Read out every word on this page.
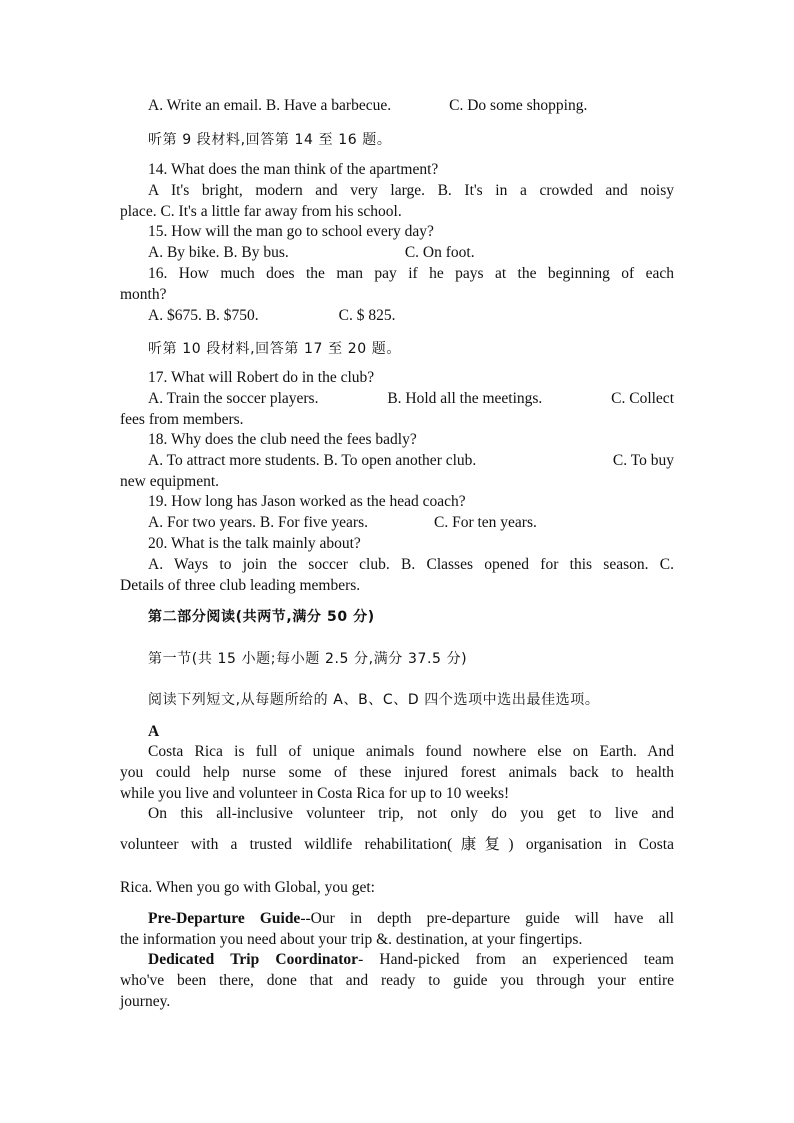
A. Write an email. B. Have a barbecue.	C. Do some shopping.
听第 9 段材料,回答第 14 至 16 题。
14. What does the man think of the apartment?
A It's bright, modern and very large. B. It's in a crowded and noisy
place. C. It's a little far away from his school.
15. How will the man go to school every day?
A. By bike. B. By bus.	C. On foot.
16. How much does the man pay if he pays at the beginning of each
month?
A. $675. B. $750.	C. $ 825.
听第 10 段材料,回答第 17 至 20 题。
17. What will Robert do in the club?
A. Train the soccer players.	B. Hold all the meetings.	C. Collect
fees from members.
18. Why does the club need the fees badly?
A. To attract more students. B. To open another club.	C. To buy
new equipment.
19. How long has Jason worked as the head coach?
A. For two years. B. For five years.	C. For ten years.
20. What is the talk mainly about?
A. Ways to join the soccer club. B. Classes opened for this season. C.
Details of three club leading members.
第二部分阅读(共两节,满分 50 分)
第一节(共 15 小题;每小题 2.5 分,满分 37.5 分)
阅读下列短文,从每题所给的 A、B、C、D 四个选项中选出最佳选项。
A
Costa Rica is full of unique animals found nowhere else on Earth. And
you could help nurse some of these injured forest animals back to health
while you live and volunteer in Costa Rica for up to 10 weeks!
On this all-inclusive volunteer trip, not only do you get to live and
volunteer with a trusted wildlife rehabilitation(康复) organisation in Costa
Rica. When you go with Global, you get:
Pre-Departure Guide--Our in depth pre-departure guide will have all
the information you need about your trip &. destination, at your fingertips.
Dedicated Trip Coordinator- Hand-picked from an experienced team
who've been there, done that and ready to guide you through your entire
journey.
